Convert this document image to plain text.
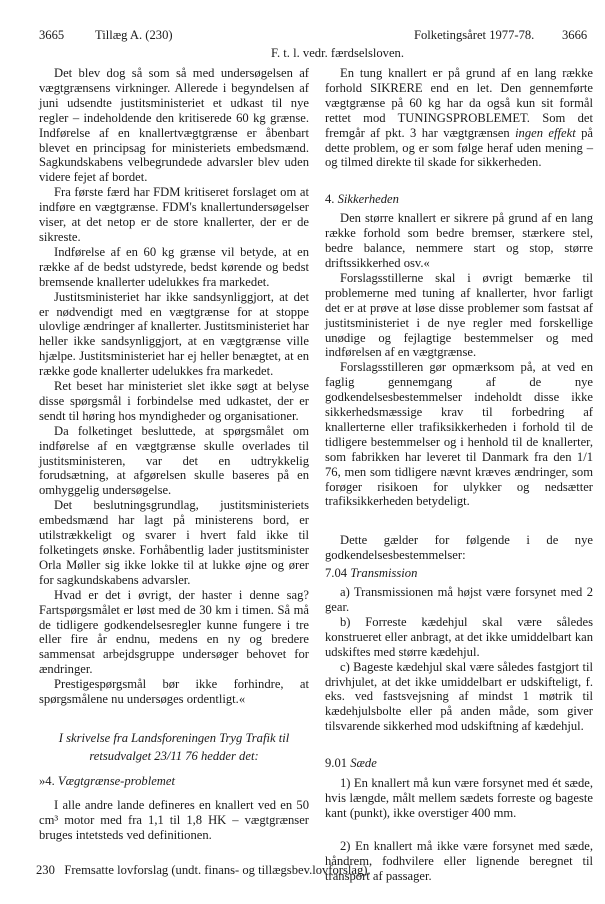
3665 Tillæg A. (230)	Folketingsåret 1977-78. 3666
F. t. l. vedr. færdselsloven.

Det blev dog så som så med undersøgelsen af vægtgrænsens virkninger. Allerede i begyndelsen af juni udsendte justitsministeriet et udkast til nye regler – indeholdende den kritiserede 60 kg grænse. Indførelse af en knallertvægtgrænse er åbenbart blevet en principsag for ministeriets embedsmænd. Sagkundskabens velbegrundede advarsler blev uden videre fejet af bordet.

Fra første færd har FDM kritiseret forslaget om at indføre en vægtgrænse. FDM's knallertundersøgelser viser, at det netop er de store knallerter, der er de sikreste.

Indførelse af en 60 kg grænse vil betyde, at en række af de bedst udstyrede, bedst kørende og bedst bremsende knallerter udelukkes fra markedet.

Justitsministeriet har ikke sandsynliggjort, at det er nødvendigt med en vægtgrænse for at stoppe ulovlige ændringer af knallerter. Justitsministeriet har heller ikke sandsynliggjort, at en vægtgrænse ville hjælpe. Justitsministeriet har ej heller benægtet, at en række gode knallerter udelukkes fra markedet.

Ret beset har ministeriet slet ikke søgt at belyse disse spørgsmål i forbindelse med udkastet, der er sendt til høring hos myndigheder og organisationer.

Da folketinget besluttede, at spørgsmålet om indførelse af en vægtgrænse skulle overlades til justitsministeren, var det en udtrykkelig forudsætning, at afgørelsen skulle baseres på en omhyggelig undersøgelse.

Det beslutningsgrundlag, justitsministeriets embedsmænd har lagt på ministerens bord, er utilstrækkeligt og svarer i hvert fald ikke til folketingets ønske. Forhåbentlig lader justitsminister Orla Møller sig ikke lokke til at lukke øjne og ører for sagkundskabens advarsler.

Hvad er det i øvrigt, der haster i denne sag? Fartspørgsmålet er løst med de 30 km i timen. Så må de tidligere godkendelsesregler kunne fungere i tre eller fire år endnu, medens en ny og bredere sammensat arbejdsgruppe undersøger behovet for ændringer.

Prestigespørgsmål bør ikke forhindre, at spørgsmålene nu undersøges ordentligt.«

I skrivelse fra Landsforeningen Tryg Trafik til retsudvalget 23/11 76 hedder det:

»4. Vægtgrænse-problemet

I alle andre lande defineres en knallert ved en 50 cm³ motor med fra 1,1 til 1,8 HK – vægtgrænser bruges intetsteds ved definitionen.

En tung knallert er på grund af en lang række forhold SIKRERE end en let. Den gennemførte vægtgrænse på 60 kg har da også kun sit formål rettet mod TUNINGSPROBLEMET. Som det fremgår af pkt. 3 har vægtgrænsen ingen effekt på dette problem, og er som følge heraf uden mening – og tilmed direkte til skade for sikkerheden.

4. Sikkerheden

Den større knallert er sikrere på grund af en lang række forhold som bedre bremser, stærkere stel, bedre balance, nemmere start og stop, større driftssikkerhed osv.«

Forslagsstillerne skal i øvrigt bemærke til problemerne med tuning af knallerter, hvor farligt det er at prøve at løse disse problemer som fastsat af justitsministeriet i de nye regler med forskellige unødige og fejlagtige bestemmelser og med indførelsen af en vægtgrænse.

Forslagsstilleren gør opmærksom på, at ved en faglig gennemgang af de nye godkendelsesbestemmelser indeholdt disse ikke sikkerhedsmæssige krav til forbedring af knallerterne eller trafiksikkerheden i forhold til de tidligere bestemmelser og i henhold til de knallerter, som fabrikken har leveret til Danmark fra den 1/1 76, men som tidligere nævnt kræves ændringer, som forøger risikoen for ulykker og nedsætter trafiksikkerheden betydeligt.

Dette gælder for følgende i de nye godkendelsesbestemmelser:

7.04 Transmission

a) Transmissionen må højst være forsynet med 2 gear.

b) Forreste kædehjul skal være således konstrueret eller anbragt, at det ikke umiddelbart kan udskiftes med større kædehjul.

c) Bageste kædehjul skal være således fastgjort til drivhjulet, at det ikke umiddelbart er udskifteligt, f. eks. ved fastsvejsning af mindst 1 møtrik til kædehjulsbolte eller på anden måde, som giver tilsvarende sikkerhed mod udskiftning af kædehjul.

9.01 Sæde

1) En knallert må kun være forsynet med ét sæde, hvis længde, målt mellem sædets forreste og bageste kant (punkt), ikke overstiger 400 mm.

2) En knallert må ikke være forsynet med sæde, håndrem, fodhvilere eller lignende beregnet til transport af passager.

230 Fremsatte lovforslag (undt. finans- og tillægsbev.lovforslag).
